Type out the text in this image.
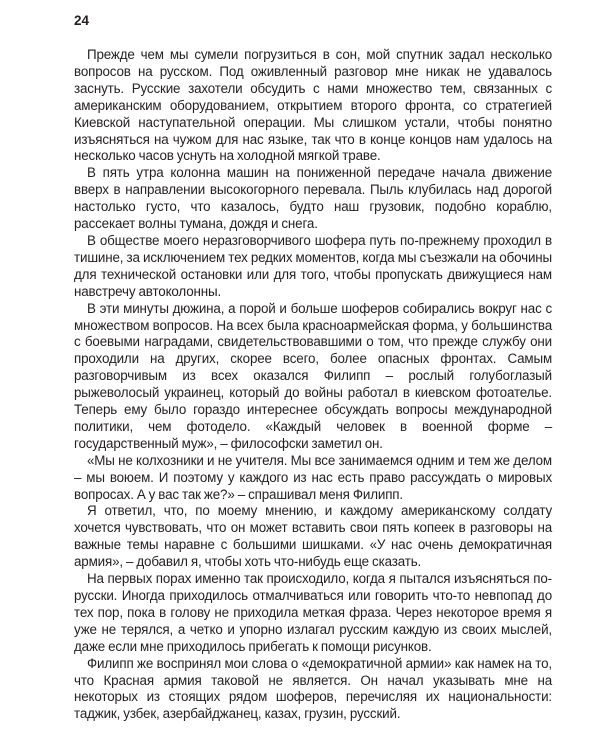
24

Прежде чем мы сумели погрузиться в сон, мой спутник задал несколько вопросов на русском. Под оживленный разговор мне никак не удавалось заснуть. Русские захотели обсудить с нами множество тем, связанных с американским оборудованием, открытием второго фронта, со стратегией Киевской наступательной операции. Мы слишком устали, чтобы понятно изъясняться на чужом для нас языке, так что в конце концов нам удалось на несколько часов уснуть на холодной мягкой траве.

В пять утра колонна машин на пониженной передаче начала движение вверх в направлении высокогорного перевала. Пыль клубилась над дорогой настолько густо, что казалось, будто наш грузовик, подобно кораблю, рассекает волны тумана, дождя и снега.

В обществе моего неразговорчивого шофера путь по-прежнему проходил в тишине, за исключением тех редких моментов, когда мы съезжали на обочины для технической остановки или для того, чтобы пропускать движущиеся нам навстречу автоколонны.

В эти минуты дюжина, а порой и больше шоферов собирались вокруг нас с множеством вопросов. На всех была красноармейская форма, у большинства с боевыми наградами, свидетельствовавшими о том, что прежде службу они проходили на других, скорее всего, более опасных фронтах. Самым разговорчивым из всех оказался Филипп – рослый голубоглазый рыжеволосый украинец, который до войны работал в киевском фотоателье. Теперь ему было гораздо интереснее обсуждать вопросы международной политики, чем фотодело. «Каждый человек в военной форме – государственный муж», – философски заметил он.

«Мы не колхозники и не учителя. Мы все занимаемся одним и тем же делом – мы воюем. И поэтому у каждого из нас есть право рассуждать о мировых вопросах. А у вас так же?» – спрашивал меня Филипп.

Я ответил, что, по моему мнению, и каждому американскому солдату хочется чувствовать, что он может вставить свои пять копеек в разговоры на важные темы наравне с большими шишками. «У нас очень демократичная армия», – добавил я, чтобы хоть что-нибудь еще сказать.

На первых порах именно так происходило, когда я пытался изъясняться по-русски. Иногда приходилось отмалчиваться или говорить что-то невпопад до тех пор, пока в голову не приходила меткая фраза. Через некоторое время я уже не терялся, а четко и упорно излагал русским каждую из своих мыслей, даже если мне приходилось прибегать к помощи рисунков.

Филипп же воспринял мои слова о «демократичной армии» как намек на то, что Красная армия таковой не является. Он начал указывать мне на некоторых из стоящих рядом шоферов, перечисляя их национальности: таджик, узбек, азербайджанец, казах, грузин, русский.
